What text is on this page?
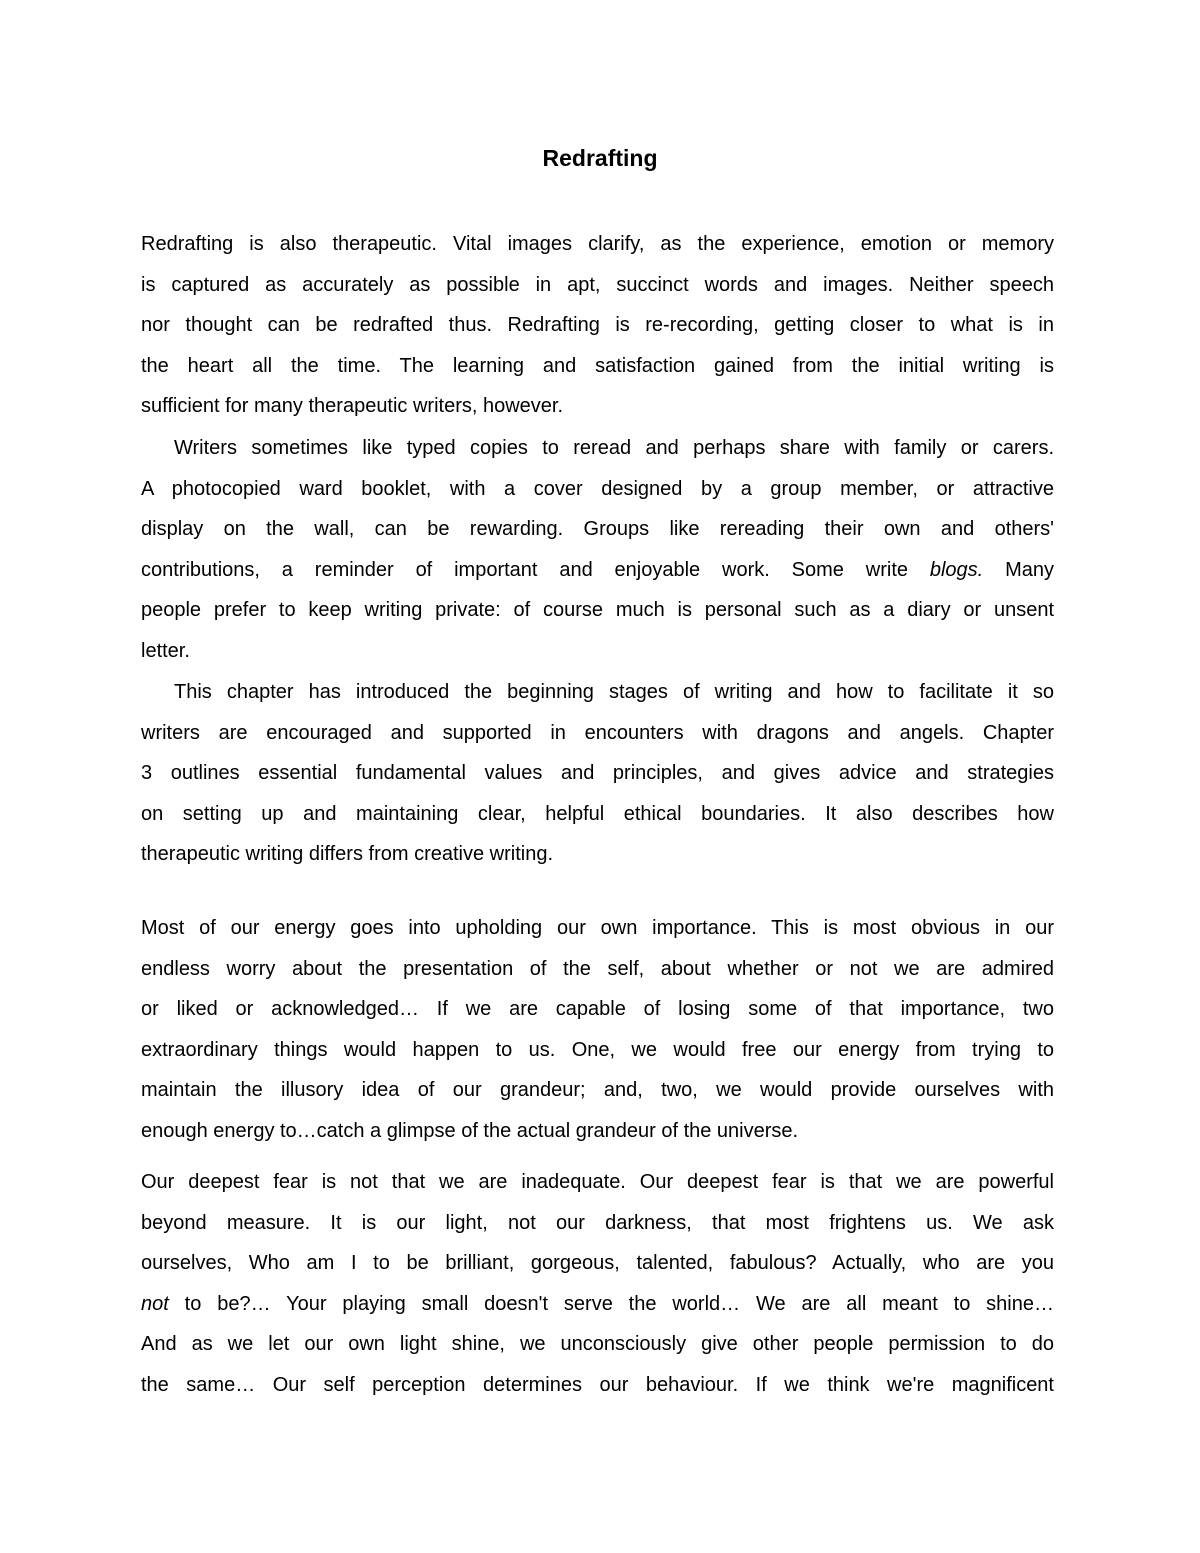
Redrafting
Redrafting is also therapeutic. Vital images clarify, as the experience, emotion or memory
is captured as accurately as possible in apt, succinct words and images. Neither speech
nor thought can be redrafted thus. Redrafting is re-recording, getting closer to what is in
the heart all the time. The learning and satisfaction gained from the initial writing is
sufficient for many therapeutic writers, however.
Writers sometimes like typed copies to reread and perhaps share with family or carers.
A photocopied ward booklet, with a cover designed by a group member, or attractive
display on the wall, can be rewarding. Groups like rereading their own and others'
contributions, a reminder of important and enjoyable work. Some write blogs. Many
people prefer to keep writing private: of course much is personal such as a diary or unsent
letter.
This chapter has introduced the beginning stages of writing and how to facilitate it so
writers are encouraged and supported in encounters with dragons and angels. Chapter
3 outlines essential fundamental values and principles, and gives advice and strategies
on setting up and maintaining clear, helpful ethical boundaries. It also describes how
therapeutic writing differs from creative writing.
Most of our energy goes into upholding our own importance. This is most obvious in our
endless worry about the presentation of the self, about whether or not we are admired
or liked or acknowledged… If we are capable of losing some of that importance, two
extraordinary things would happen to us. One, we would free our energy from trying to
maintain the illusory idea of our grandeur; and, two, we would provide ourselves with
enough energy to…catch a glimpse of the actual grandeur of the universe.
Our deepest fear is not that we are inadequate. Our deepest fear is that we are powerful
beyond measure. It is our light, not our darkness, that most frightens us. We ask
ourselves, Who am I to be brilliant, gorgeous, talented, fabulous? Actually, who are you
not to be?… Your playing small doesn't serve the world… We are all meant to shine…
And as we let our own light shine, we unconsciously give other people permission to do
the same… Our self perception determines our behaviour. If we think we're magnificent
